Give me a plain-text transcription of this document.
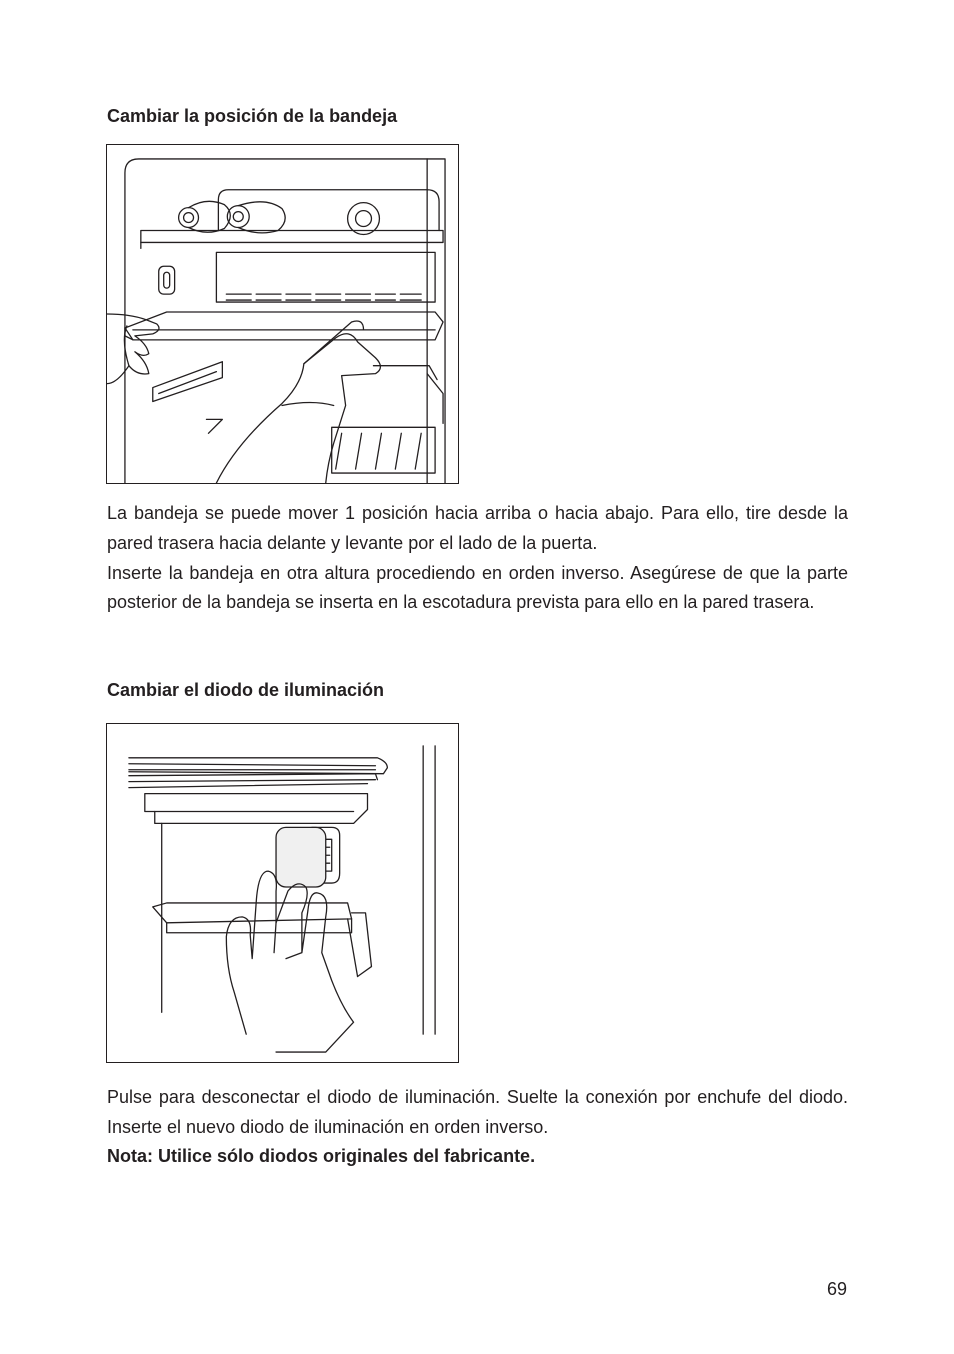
Cambiar la posición de la bandeja

La bandeja se puede mover 1 posición hacia arriba o hacia abajo. Para ello, tire desde la pared trasera hacia delante y levante por el lado de la puerta.

Inserte la bandeja en otra altura procediendo en orden inverso. Asegúrese de que la parte posterior de la bandeja se inserta en la escotadura prevista para ello en la pared trasera.

Cambiar el diodo de iluminación

Pulse para desconectar el diodo de iluminación. Suelte la conexión por enchufe del diodo. Inserte el nuevo diodo de iluminación en orden inverso.

Nota: Utilice sólo diodos originales del fabricante.

69
